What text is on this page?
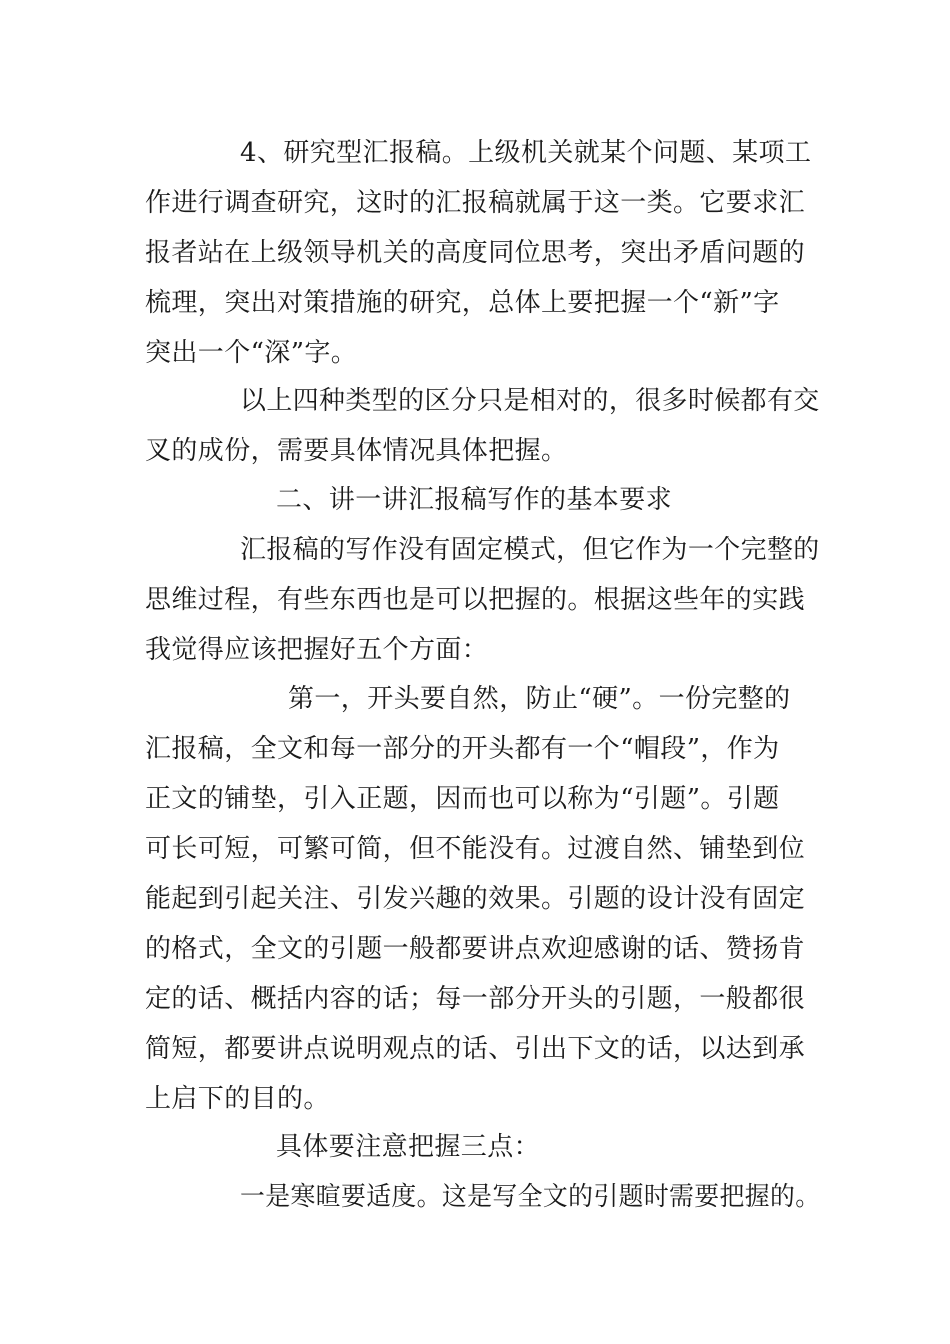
4、研究型汇报稿。上级机关就某个问题、某项工
作进行调查研究，这时的汇报稿就属于这一类。它要求汇
报者站在上级领导机关的高度同位思考，突出矛盾问题的
梳理，突出对策措施的研究，总体上要把握一个“新”字
突出一个“深”字。
以上四种类型的区分只是相对的，很多时候都有交
叉的成份，需要具体情况具体把握。
二、讲一讲汇报稿写作的基本要求
汇报稿的写作没有固定模式，但它作为一个完整的
思维过程，有些东西也是可以把握的。根据这些年的实践
我觉得应该把握好五个方面：
第一，开头要自然，防止“硬”。一份完整的
汇报稿，全文和每一部分的开头都有一个“帽段”，作为
正文的铺垫，引入正题，因而也可以称为“引题”。引题
可长可短，可繁可简，但不能没有。过渡自然、铺垫到位
能起到引起关注、引发兴趣的效果。引题的设计没有固定
的格式，全文的引题一般都要讲点欢迎感谢的话、赞扬肯
定的话、概括内容的话；每一部分开头的引题，一般都很
简短，都要讲点说明观点的话、引出下文的话，以达到承
上启下的目的。
具体要注意把握三点：
一是寒暄要适度。这是写全文的引题时需要把握的。
